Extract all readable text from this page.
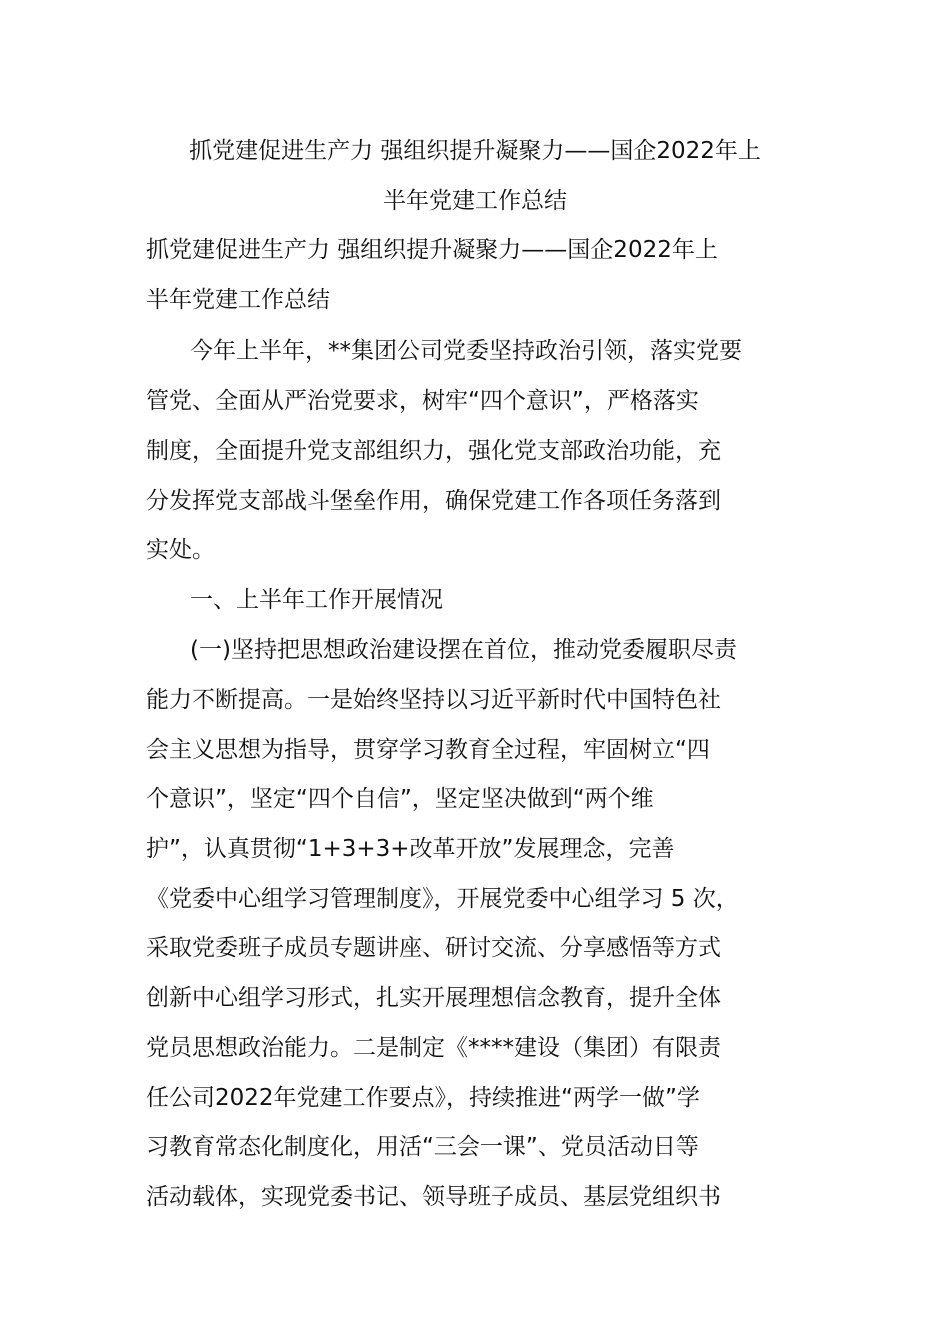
抓党建促进生产力 强组织提升凝聚力——国企2022年上
半年党建工作总结
抓党建促进生产力 强组织提升凝聚力——国企2022年上
半年党建工作总结
今年上半年，**集团公司党委坚持政治引领，落实党要
管党、全面从严治党要求，树牢“四个意识”，严格落实
制度，全面提升党支部组织力，强化党支部政治功能，充
分发挥党支部战斗堡垒作用，确保党建工作各项任务落到
实处。
一、上半年工作开展情况
(一)坚持把思想政治建设摆在首位，推动党委履职尽责
能力不断提高。一是始终坚持以习近平新时代中国特色社
会主义思想为指导，贯穿学习教育全过程，牢固树立“四
个意识”，坚定“四个自信”，坚定坚决做到“两个维
护”，认真贯彻“1+3+3+改革开放”发展理念，完善
《党委中心组学习管理制度》，开展党委中心组学习 5 次，
采取党委班子成员专题讲座、研讨交流、分享感悟等方式
创新中心组学习形式，扎实开展理想信念教育，提升全体
党员思想政治能力。二是制定《****建设（集团）有限责
任公司2022年党建工作要点》，持续推进“两学一做”学
习教育常态化制度化，用活“三会一课”、党员活动日等
活动载体，实现党委书记、领导班子成员、基层党组织书
